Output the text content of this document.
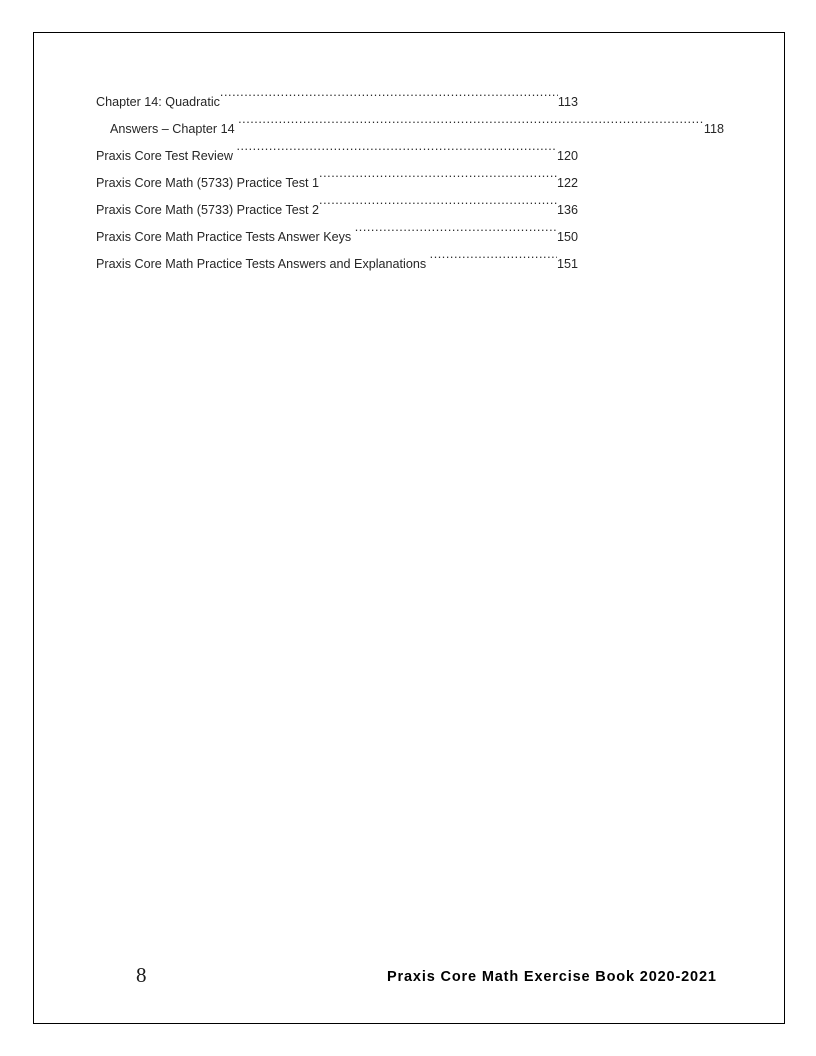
Chapter 14: Quadratic .....	113
Answers – Chapter 14 .....	118
Praxis Core Test Review .....	120
Praxis Core Math (5733) Practice Test 1 .....	122
Praxis Core Math (5733) Practice Test 2 .....	136
Praxis Core Math Practice Tests Answer Keys .....	150
Praxis Core Math Practice Tests Answers and Explanations .....	151
8	Praxis Core Math Exercise Book 2020-2021
